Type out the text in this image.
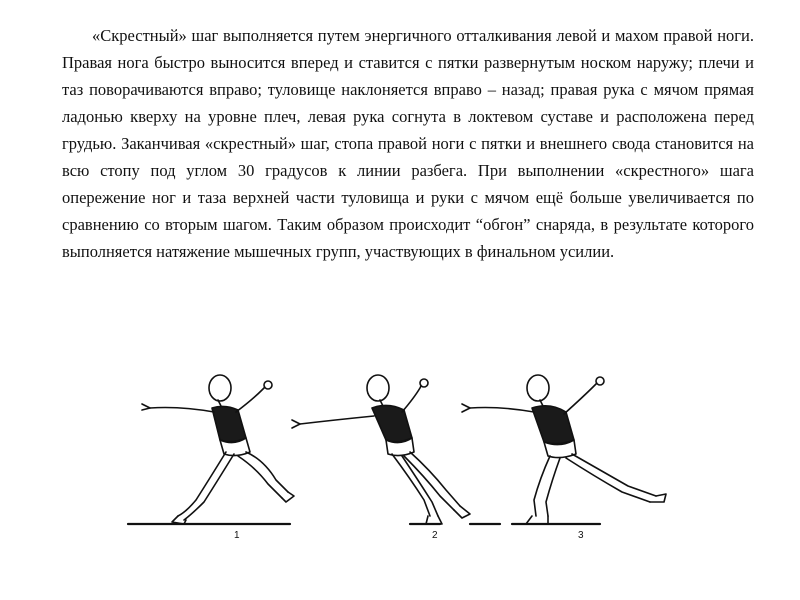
«Скрестный» шаг выполняется путем энергичного отталкивания левой и махом правой ноги. Правая нога быстро выносится вперед и ставится с пятки развернутым носком наружу; плечи и таз поворачиваются вправо; туловище наклоняется вправо – назад; правая рука с мячом прямая ладонью кверху на уровне плеч, левая рука согнута в локтевом суставе и расположена перед грудью. Заканчивая «скрестный» шаг, стопа правой ноги с пятки и внешнего свода становится на всю стопу под углом 30 градусов к линии разбега. При выполнении «скрестного» шага опережение ног и таза верхней части туловища и руки с мячом ещё больше увеличивается по сравнению со вторым шагом. Таким образом происходит “обгон” снаряда, в результате которого выполняется натяжение мышечных групп, участвующих в финальном усилии.

1	2	3
